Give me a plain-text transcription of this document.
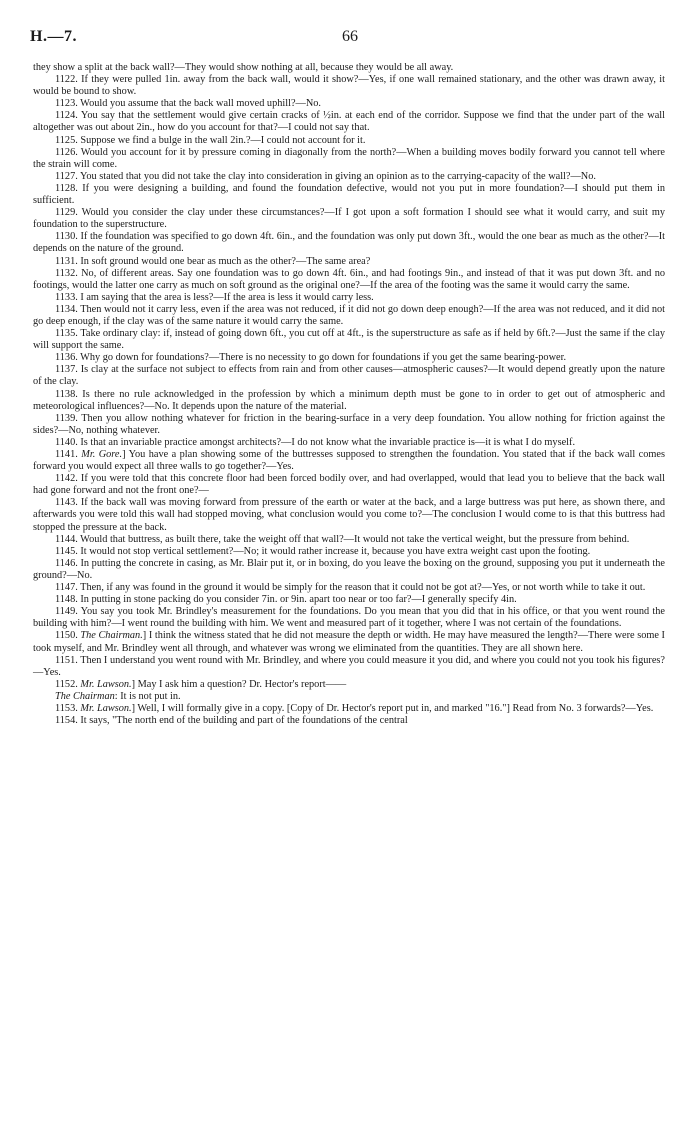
H.—7.	66

they show a split at the back wall?—They would show nothing at all, because they would be all away.

1122. If they were pulled 1in. away from the back wall, would it show?—Yes, if one wall remained stationary, and the other was drawn away, it would be bound to show.

1123. Would you assume that the back wall moved uphill?—No.

1124. You say that the settlement would give certain cracks of ½in. at each end of the corridor. Suppose we find that the under part of the wall altogether was out about 2in., how do you account for that?—I could not say that.

1125. Suppose we find a bulge in the wall 2in.?—I could not account for it.

1126. Would you account for it by pressure coming in diagonally from the north?—When a building moves bodily forward you cannot tell where the strain will come.

1127. You stated that you did not take the clay into consideration in giving an opinion as to the carrying-capacity of the wall?—No.

1128. If you were designing a building, and found the foundation defective, would not you put in more foundation?—I should put them in sufficient.

1129. Would you consider the clay under these circumstances?—If I got upon a soft formation I should see what it would carry, and suit my foundation to the superstructure.

1130. If the foundation was specified to go down 4ft. 6in., and the foundation was only put down 3ft., would the one bear as much as the other?—It depends on the nature of the ground.

1131. In soft ground would one bear as much as the other?—The same area?

1132. No, of different areas. Say one foundation was to go down 4ft. 6in., and had footings 9in., and instead of that it was put down 3ft. and no footings, would the latter one carry as much on soft ground as the original one?—If the area of the footing was the same it would carry the same.

1133. I am saying that the area is less?—If the area is less it would carry less.

1134. Then would not it carry less, even if the area was not reduced, if it did not go down deep enough?—If the area was not reduced, and it did not go deep enough, if the clay was of the same nature it would carry the same.

1135. Take ordinary clay: if, instead of going down 6ft., you cut off at 4ft., is the superstructure as safe as if held by 6ft.?—Just the same if the clay will support the same.

1136. Why go down for foundations?—There is no necessity to go down for foundations if you get the same bearing-power.

1137. Is clay at the surface not subject to effects from rain and from other causes—atmospheric causes?—It would depend greatly upon the nature of the clay.

1138. Is there no rule acknowledged in the profession by which a minimum depth must be gone to in order to get out of atmospheric and meteorological influences?—No. It depends upon the nature of the material.

1139. Then you allow nothing whatever for friction in the bearing-surface in a very deep foundation. You allow nothing for friction against the sides?—No, nothing whatever.

1140. Is that an invariable practice amongst architects?—I do not know what the invariable practice is—it is what I do myself.

1141. Mr. Gore.] You have a plan showing some of the buttresses supposed to strengthen the foundation. You stated that if the back wall comes forward you would expect all three walls to go together?—Yes.

1142. If you were told that this concrete floor had been forced bodily over, and had overlapped, would that lead you to believe that the back wall had gone forward and not the front one?—

1143. If the back wall was moving forward from pressure of the earth or water at the back, and a large buttress was put here, as shown there, and afterwards you were told this wall had stopped moving, what conclusion would you come to?—The conclusion I would come to is that this buttress had stopped the pressure at the back.

1144. Would that buttress, as built there, take the weight off that wall?—It would not take the vertical weight, but the pressure from behind.

1145. It would not stop vertical settlement?—No; it would rather increase it, because you have extra weight cast upon the footing.

1146. In putting the concrete in casing, as Mr. Blair put it, or in boxing, do you leave the boxing on the ground, supposing you put it underneath the ground?—No.

1147. Then, if any was found in the ground it would be simply for the reason that it could not be got at?—Yes, or not worth while to take it out.

1148. In putting in stone packing do you consider 7in. or 9in. apart too near or too far?—I generally specify 4in.

1149. You say you took Mr. Brindley's measurement for the foundations. Do you mean that you did that in his office, or that you went round the building with him?—I went round the building with him. We went and measured part of it together, where I was not certain of the foundations.

1150. The Chairman.] I think the witness stated that he did not measure the depth or width. He may have measured the length?—There were some I took myself, and Mr. Brindley went all through, and whatever was wrong we eliminated from the quantities. They are all shown here.

1151. Then I understand you went round with Mr. Brindley, and where you could measure it you did, and where you could not you took his figures?—Yes.

1152. Mr. Lawson.] May I ask him a question? Dr. Hector's report——

The Chairman: It is not put in.

1153. Mr. Lawson.] Well, I will formally give in a copy. [Copy of Dr. Hector's report put in, and marked "16."] Read from No. 3 forwards?—Yes.

1154. It says, "The north end of the building and part of the foundations of the central
